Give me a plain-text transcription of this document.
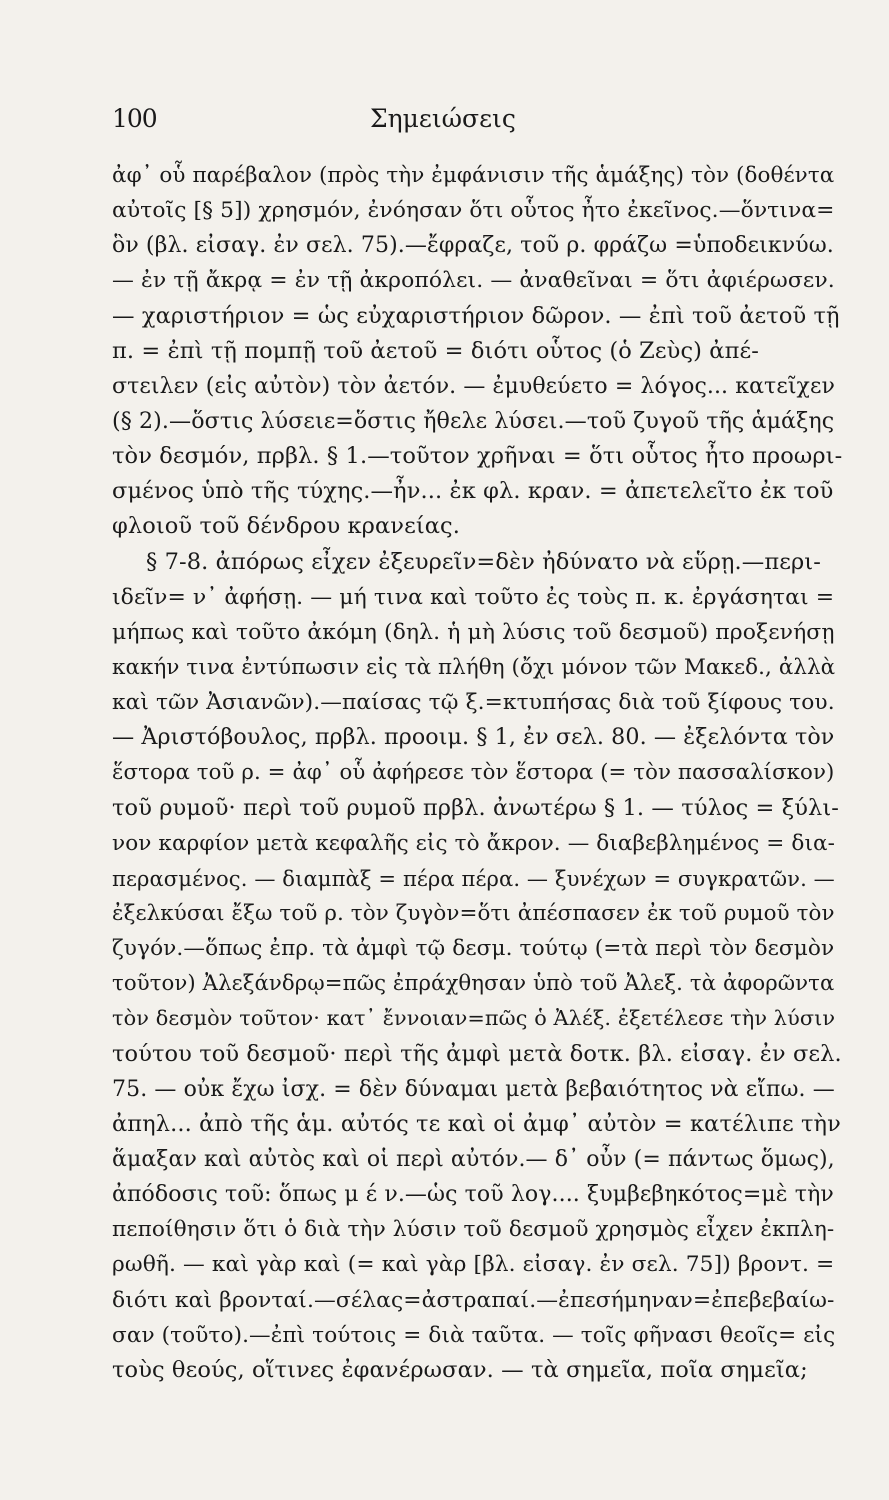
100	Σημειώσεις
ἀφ᾽ οὗ παρέβαλον (πρὸς τὴν ἐμφάνισιν τῆς ἁμάξης) τὸν (δοθέντα
αὐτοῖς [§ 5]) χρησμόν, ἐνόησαν ὅτι οὗτος ἦτο ἐκεῖνος.—ὅντινα=
ὃν (βλ. εἰσαγ. ἐν σελ. 75).—ἔφραζε, τοῦ ρ. φράζω =ὑποδεικνύω.
— ἐν τῇ ἄκρᾳ = ἐν τῇ ἀκροπόλει. — ἀναθεῖναι = ὅτι ἀφιέρωσεν.
— χαριστήριον = ὡς εὐχαριστήριον δῶρον. — ἐπὶ τοῦ ἀετοῦ τῇ
π. = ἐπὶ τῇ πομπῇ τοῦ ἀετοῦ = διότι οὗτος (ὁ Ζεὺς) ἀπέ-
στειλεν (εἰς αὐτὸν) τὸν ἀετόν. — ἐμυθεύετο = λόγος... κατεῖχεν
(§ 2).—ὅστις λύσειε=ὅστις ἤθελε λύσει.—τοῦ ζυγοῦ τῆς ἁμάξης
τὸν δεσμόν, πρβλ. § 1.—τοῦτον χρῆναι = ὅτι οὗτος ἦτο προωρι-
σμένος ὑπὸ τῆς τύχης.—ἦν... ἐκ φλ. κραν. = ἀπετελεῖτο ἐκ τοῦ
φλοιοῦ τοῦ δένδρου κρανείας.
§ 7-8. ἀπόρως εἶχεν ἐξευρεῖν=δὲν ἠδύνατο νὰ εὕρῃ.—περι-
ιδεῖν= ν᾽ ἀφήσῃ. — μή τινα καὶ τοῦτο ἐς τοὺς π. κ. ἐργάσηται =
μήπως καὶ τοῦτο ἀκόμη (δηλ. ἡ μὴ λύσις τοῦ δεσμοῦ) προξενήσῃ
κακήν τινα ἐντύπωσιν εἰς τὰ πλήθη (ὄχι μόνον τῶν Μακεδ., ἀλλὰ
καὶ τῶν Ἀσιανῶν).—παίσας τῷ ξ.=κτυπήσας διὰ τοῦ ξίφους του.
— Ἀριστόβουλος, πρβλ. προοιμ. § 1, ἐν σελ. 80. — ἐξελόντα τὸν
ἕστορα τοῦ ρ. = ἀφ᾽ οὗ ἀφήρεσε τὸν ἕστορα (= τὸν πασσαλίσκον)
τοῦ ρυμοῦ· περὶ τοῦ ρυμοῦ πρβλ. ἀνωτέρω § 1. — τύλος = ξύλι-
νον καρφίον μετὰ κεφαλῆς εἰς τὸ ἄκρον. — διαβεβλημένος = δια-
περασμένος. — διαμπὰξ = πέρα πέρα. — ξυνέχων = συγκρατῶν. —
ἐξελκύσαι ἔξω τοῦ ρ. τὸν ζυγὸν=ὅτι ἀπέσπασεν ἐκ τοῦ ρυμοῦ τὸν
ζυγόν.—ὅπως ἐπρ. τὰ ἀμφὶ τῷ δεσμ. τούτῳ (=τὰ περὶ τὸν δεσμὸν
τοῦτον) Ἀλεξάνδρῳ=πῶς ἐπράχθησαν ὑπὸ τοῦ Ἀλεξ. τὰ ἀφορῶντα
τὸν δεσμὸν τοῦτον· κατ᾽ ἔννοιαν=πῶς ὁ Ἀλέξ. ἐξετέλεσε τὴν λύσιν
τούτου τοῦ δεσμοῦ· περὶ τῆς ἀμφὶ μετὰ δοτκ. βλ. εἰσαγ. ἐν σελ.
75. — οὐκ ἔχω ἰσχ. = δὲν δύναμαι μετὰ βεβαιότητος νὰ εἴπω. —
ἀπηλ... ἀπὸ τῆς ἁμ. αὐτός τε καὶ οἱ ἀμφ᾽ αὐτὸν = κατέλιπε τὴν
ἅμαξαν καὶ αὐτὸς καὶ οἱ περὶ αὐτόν.— δ᾽ οὖν (= πάντως ὅμως),
ἀπόδοσις τοῦ: ὅπως μ έ ν.—ὡς τοῦ λογ.... ξυμβεβηκότος=μὲ τὴν
πεποίθησιν ὅτι ὁ διὰ τὴν λύσιν τοῦ δεσμοῦ χρησμὸς εἶχεν ἐκπλη-
ρωθῆ. — καὶ γὰρ καὶ (= καὶ γὰρ [βλ. εἰσαγ. ἐν σελ. 75]) βροντ. =
διότι καὶ βρονταί.—σέλας=ἀστραπαί.—ἐπεσήμηναν=ἐπεβεβαίω-
σαν (τοῦτο).—ἐπὶ τούτοις = διὰ ταῦτα. — τοῖς φῆνασι θεοῖς= εἰς
τοὺς θεούς, οἵτινες ἐφανέρωσαν. — τὰ σημεῖα, ποῖα σημεῖα;
